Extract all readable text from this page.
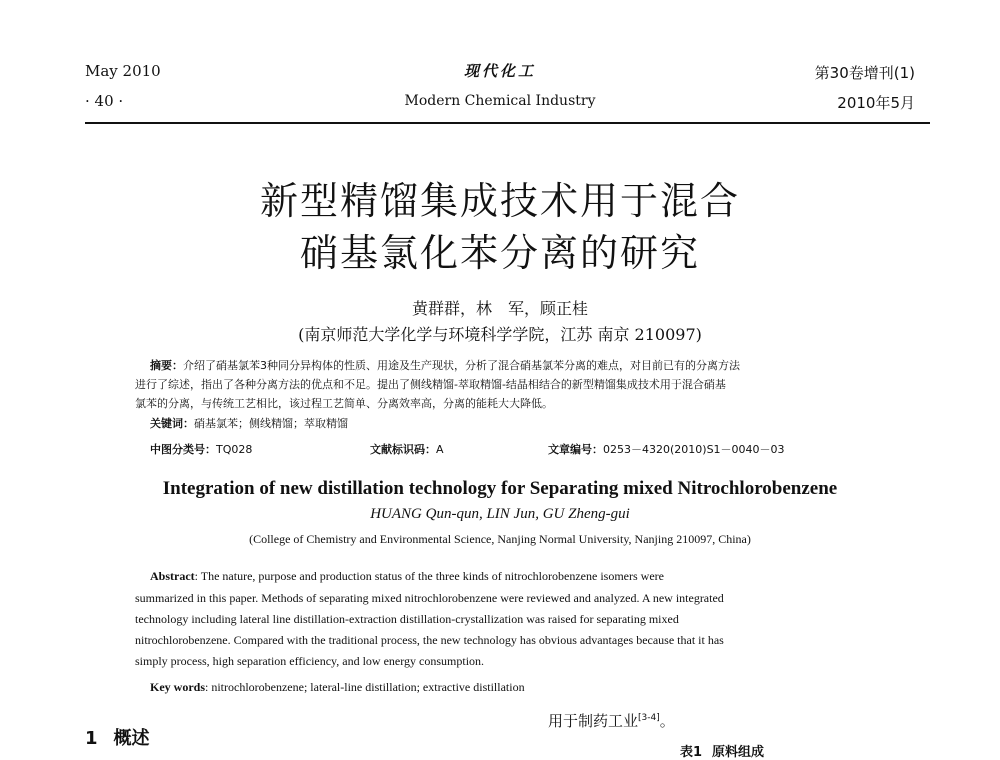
May 2010
· 40 ·
现代化工
Modern Chemical Industry
第30卷增刊(1)
2010年5月
新型精馏集成技术用于混合
硝基氯化苯分离的研究
黄群群，林　军，顾正桂
(南京师范大学化学与环境科学学院，江苏 南京 210097)
摘要：介绍了硝基氯苯3种同分异构体的性质、用途及生产现状，分析了混合硝基氯苯分离的难点，对目前已有的分离方法
进行了综述，指出了各种分离方法的优点和不足。提出了侧线精馏-萃取精馏-结晶相结合的新型精馏集成技术用于混合硝基
氯苯的分离，与传统工艺相比，该过程工艺简单、分离效率高，分离的能耗大大降低。
关键词：硝基氯苯；侧线精馏；萃取精馏
中图分类号：TQ028	文献标识码：A	文章编号：0253－4320(2010)S1－0040－03
Integration of new distillation technology for Separating mixed Nitrochlorobenzene
HUANG Qun-qun, LIN Jun, GU Zheng-gui
(College of Chemistry and Environmental Science, Nanjing Normal University, Nanjing 210097, China)
Abstract: The nature, purpose and production status of the three kinds of nitrochlorobenzene isomers were
summarized in this paper. Methods of separating mixed nitrochlorobenzene were reviewed and analyzed. A new integrated
technology including lateral line distillation-extraction distillation-crystallization was raised for separating mixed
nitrochlorobenzene. Compared with the traditional process, the new technology has obvious advantages because that it has
simply process, high separation efficiency, and low energy consumption.
Key words: nitrochlorobenzene; lateral-line distillation; extractive distillation
1 概述
用于制药工业[3-4]。
表1 原料组成
